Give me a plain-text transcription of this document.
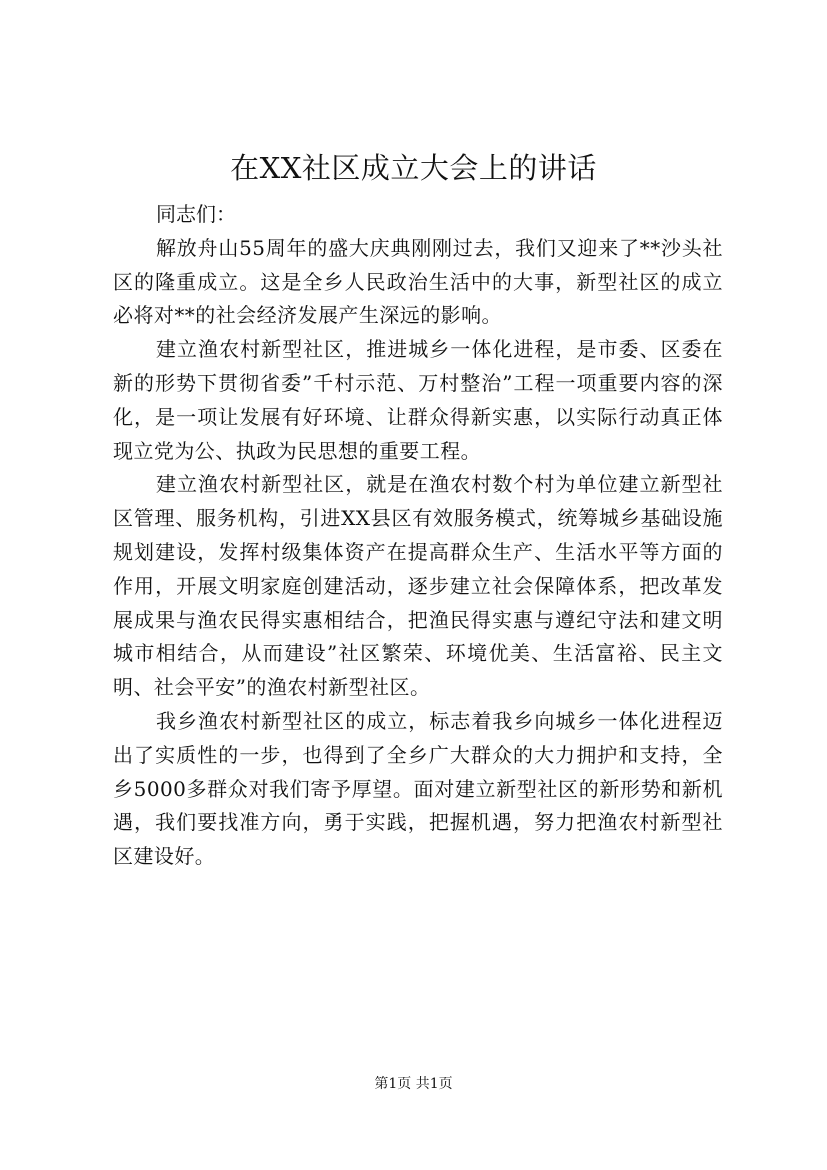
在XX社区成立大会上的讲话

同志们：

解放舟山55周年的盛大庆典刚刚过去，我们又迎来了**沙头社区的隆重成立。这是全乡人民政治生活中的大事，新型社区的成立必将对**的社会经济发展产生深远的影响。

建立渔农村新型社区，推进城乡一体化进程，是市委、区委在新的形势下贯彻省委”千村示范、万村整治”工程一项重要内容的深化，是一项让发展有好环境、让群众得新实惠，以实际行动真正体现立党为公、执政为民思想的重要工程。

建立渔农村新型社区，就是在渔农村数个村为单位建立新型社区管理、服务机构，引进XX县区有效服务模式，统筹城乡基础设施规划建设，发挥村级集体资产在提高群众生产、生活水平等方面的作用，开展文明家庭创建活动，逐步建立社会保障体系，把改革发展成果与渔农民得实惠相结合，把渔民得实惠与遵纪守法和建文明城市相结合，从而建设”社区繁荣、环境优美、生活富裕、民主文明、社会平安”的渔农村新型社区。

我乡渔农村新型社区的成立，标志着我乡向城乡一体化进程迈出了实质性的一步，也得到了全乡广大群众的大力拥护和支持，全乡5000多群众对我们寄予厚望。面对建立新型社区的新形势和新机遇，我们要找准方向，勇于实践，把握机遇，努力把渔农村新型社区建设好。

第1页 共1页
